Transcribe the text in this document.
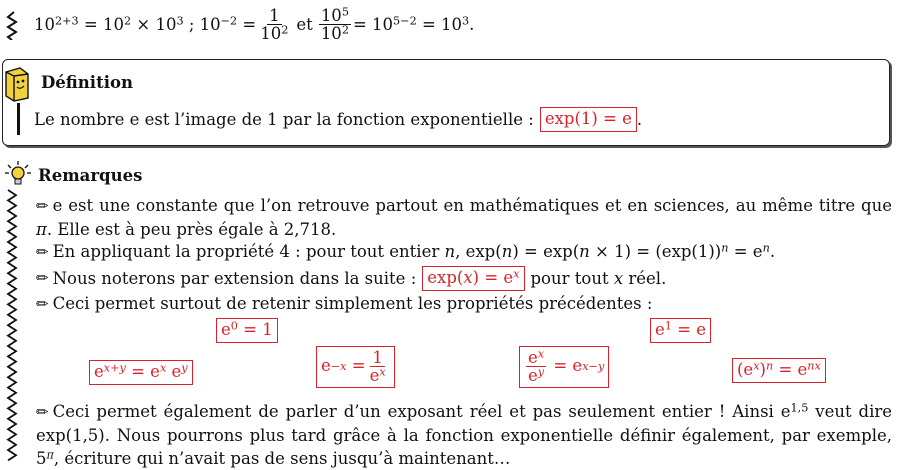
$10^{2+3} = 10^2 \times 10^3$ ; $10^{-2} = \frac{1}{10^2}$ et $\frac{10^5}{10^2} = 10^{5-2} = 10^3$.
Définition
Le nombre e est l’image de 1 par la fonction exponentielle : exp(1) = e .
Remarques
✏ e est une constante que l’on retrouve partout en mathématiques et en sciences, au même titre que π. Elle est à peu près égale à 2,718.
✏ En appliquant la propriété 4 : pour tout entier n, $\exp(n) = \exp(n \times 1) = (\exp(1))^n = e^n$.
✏ Nous noterons par extension dans la suite : $\exp(x) = e^x$ pour tout x réel.
✏ Ceci permet surtout de retenir simplement les propriétés précédentes :
$e^0 = 1$	$e^1 = e$
$e^{x+y} = e^x$ $e^y$	$e -x = \frac{1}{e^x}$	$\frac{e^x}{e^y} = e$ x−y	$(e^x)^n = e^{nx}$
✏ Ceci permet également de parler d’un exposant réel et pas seulement entier ! Ainsi $e^{1,5}$ veut dire exp(1,5). Nous pourrons plus tard grâce à la fonction exponentielle définir également, par exemple, $5^\pi$, écriture qui n’avait pas de sens jusqu’à maintenant…
